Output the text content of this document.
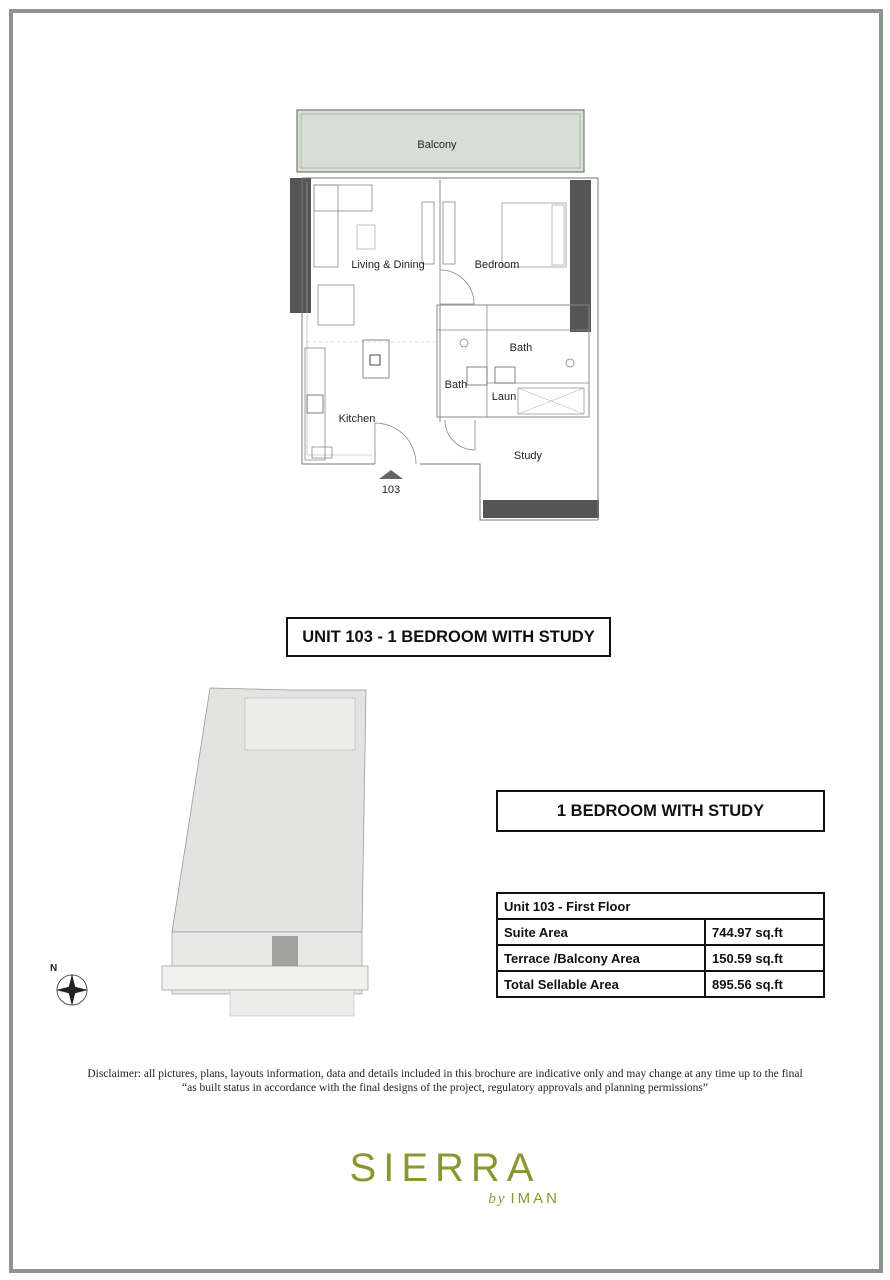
Balcony
Living & Dining	Bedroom
Bath
Bath
Laun
Kitchen
Study
103
UNIT 103 - 1 BEDROOM WITH STUDY
N
1 BEDROOM WITH STUDY
Unit 103 - First Floor	
Suite Area	744.97 sq.ft
Terrace /Balcony Area	150.59 sq.ft
Total Sellable Area	895.56 sq.ft
Disclaimer: all pictures, plans, layouts information, data and details included in this brochure are indicative only and may change at any time up to the final
“as built status in accordance with the final designs of the project, regulatory approvals and planning permissions”
SIERRA
by IMAN
